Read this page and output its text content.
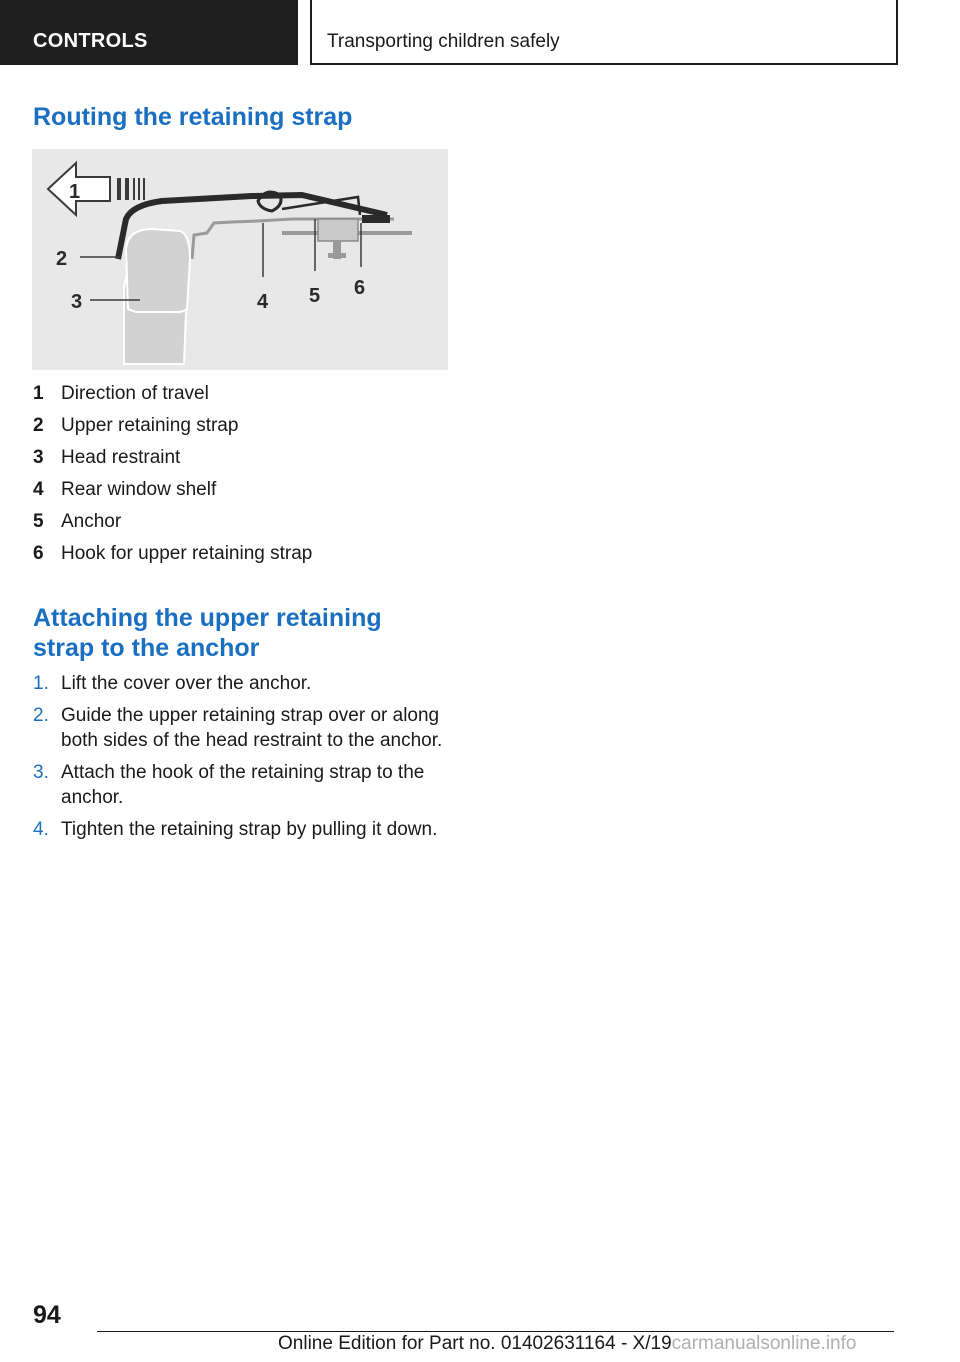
CONTROLS	Transporting children safely
Routing the retaining strap
1
2
3	4 5 6
1 Direction of travel
2 Upper retaining strap
3 Head restraint
4 Rear window shelf
5 Anchor
6 Hook for upper retaining strap
Attaching the upper retaining
strap to the anchor
1. Lift the cover over the anchor.
2. Guide the upper retaining strap over or along both sides of the head restraint to the anchor.
3. Attach the hook of the retaining strap to the anchor.
4. Tighten the retaining strap by pulling it down.
94
Online Edition for Part no. 01402631164 - X/19carmanualsonline.info
